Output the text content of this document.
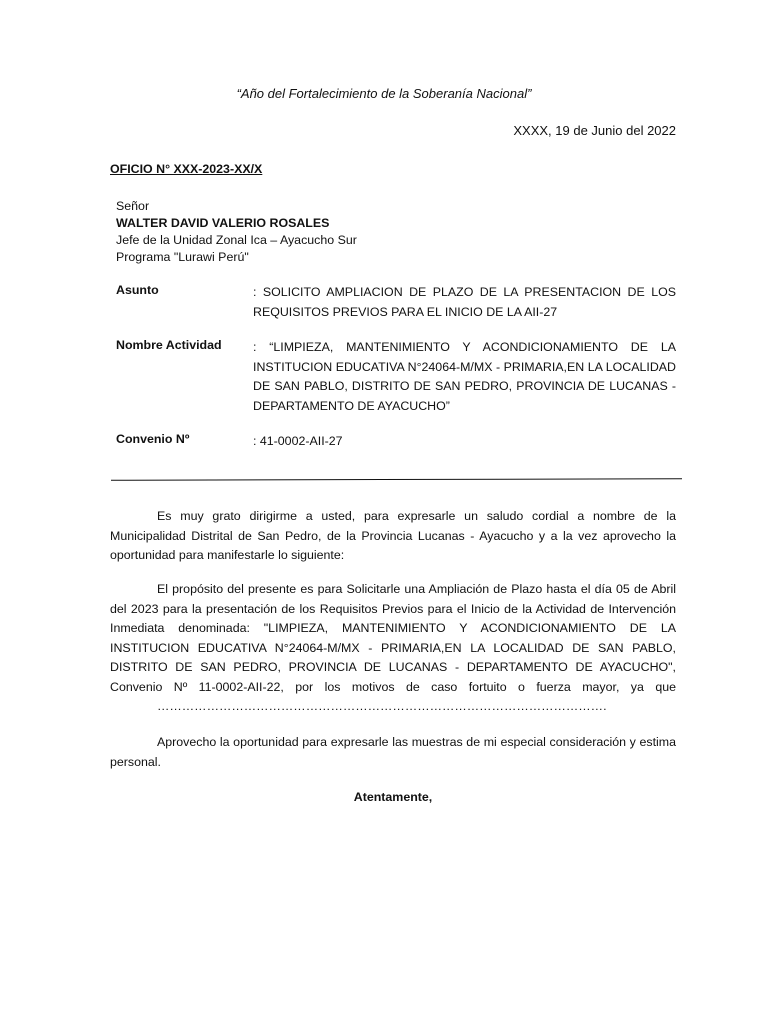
“Año del Fortalecimiento de la Soberanía Nacional”
XXXX, 19 de Junio del 2022
OFICIO N° XXX-2023-XX/X
Señor
WALTER DAVID VALERIO ROSALES
Jefe de la Unidad Zonal Ica – Ayacucho Sur
Programa "Lurawi Perú"
Asunto	: SOLICITO AMPLIACION DE PLAZO DE LA PRESENTACION DE LOS REQUISITOS PREVIOS PARA EL INICIO DE LA AII-27
Nombre Actividad	: “LIMPIEZA, MANTENIMIENTO Y ACONDICIONAMIENTO DE LA INSTITUCION EDUCATIVA N°24064-M/MX - PRIMARIA,EN LA LOCALIDAD DE SAN PABLO, DISTRITO DE SAN PEDRO, PROVINCIA DE LUCANAS - DEPARTAMENTO DE AYACUCHO”
Convenio Nº	: 41-0002-AII-27
Es muy grato dirigirme a usted, para expresarle un saludo cordial a nombre de la Municipalidad Distrital de San Pedro, de la Provincia Lucanas - Ayacucho y a la vez aprovecho la oportunidad para manifestarle lo siguiente:
El propósito del presente es para Solicitarle una Ampliación de Plazo hasta el día 05 de Abril del 2023 para la presentación de los Requisitos Previos para el Inicio de la Actividad de Intervención Inmediata denominada: "LIMPIEZA, MANTENIMIENTO Y ACONDICIONAMIENTO DE LA INSTITUCION EDUCATIVA N°24064-M/MX - PRIMARIA,EN LA LOCALIDAD DE SAN PABLO, DISTRITO DE SAN PEDRO, PROVINCIA DE LUCANAS - DEPARTAMENTO DE AYACUCHO", Convenio Nº 11-0002-AII-22, por los motivos de caso fortuito o fuerza mayor, ya que ……………………………………………………………………………………………….
Aprovecho la oportunidad para expresarle las muestras de mi especial consideración y estima personal.
Atentamente,
